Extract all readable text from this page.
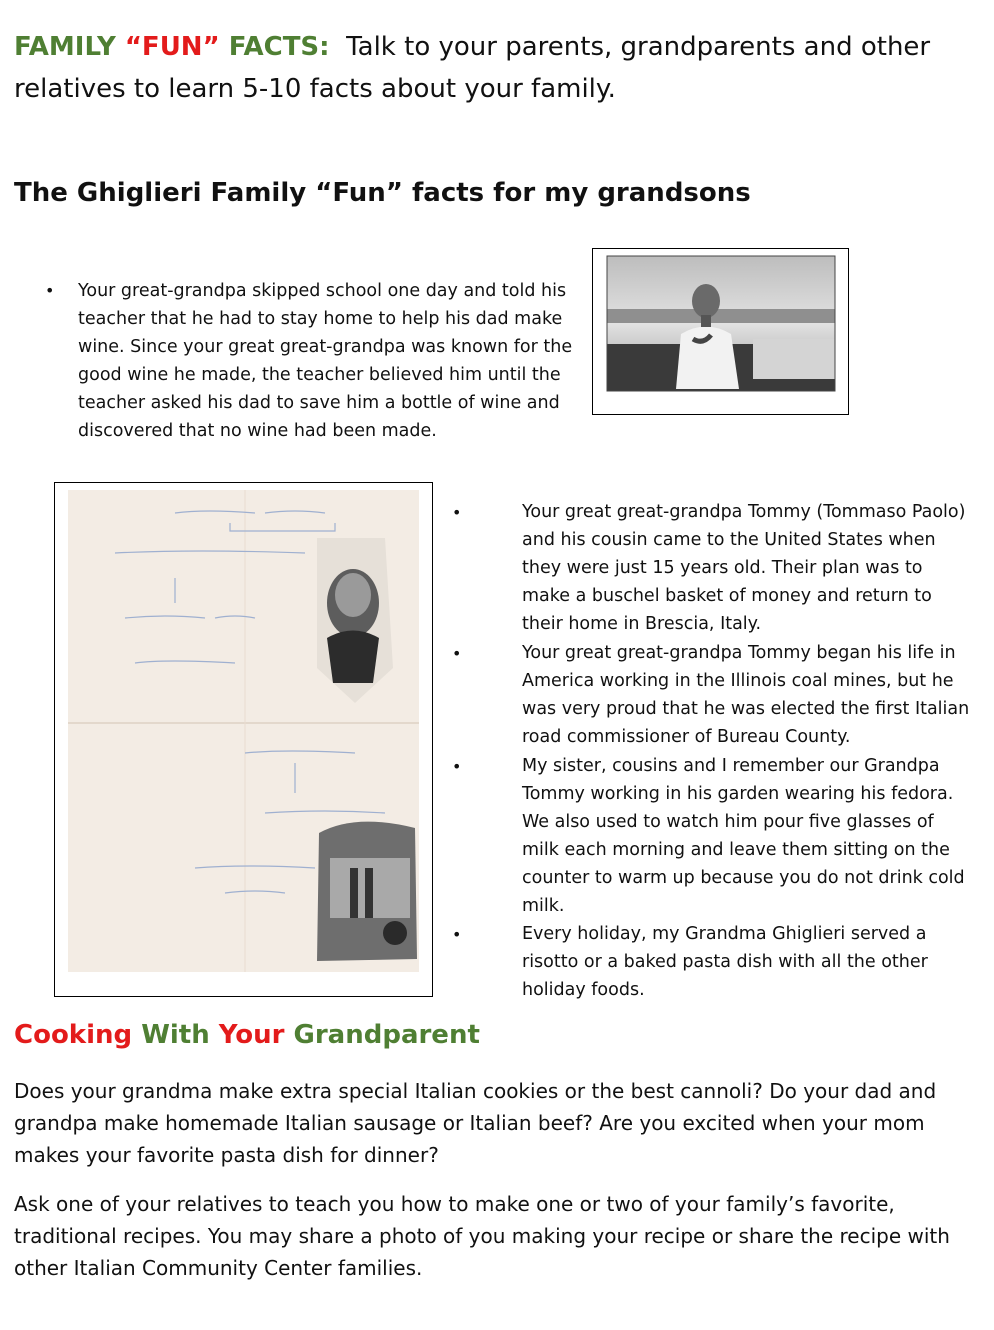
FAMILY “FUN” FACTS:  Talk to your parents, grandparents and other relatives to learn 5-10 facts about your family.
The Ghiglieri Family “Fun” facts for my grandsons
• Your great-grandpa skipped school one day and told his teacher that he had to stay home to help his dad make wine. Since your great great-grandpa was known for the good wine he made, the teacher believed him until the teacher asked his dad to save him a bottle of wine and discovered that no wine had been made.
•	Your great great-grandpa Tommy (Tommaso Paolo) and his cousin came to the United States when they were just 15 years old. Their plan was to make a buschel basket of money and return to their home in Brescia, Italy.
•	Your great great-grandpa Tommy began his life in America working in the Illinois coal mines, but he was very proud that he was elected the first Italian road commissioner of Bureau County.
•	My sister, cousins and I remember our Grandpa Tommy working in his garden wearing his fedora. We also used to watch him pour five glasses of milk each morning and leave them sitting on the counter to warm up because you do not drink cold milk.
•	Every holiday, my Grandma Ghiglieri served a risotto or a baked pasta dish with all the other holiday foods.
Cooking With Your Grandparent
Does your grandma make extra special Italian cookies or the best cannoli? Do your dad and grandpa make homemade Italian sausage or Italian beef? Are you excited when your mom makes your favorite pasta dish for dinner?
Ask one of your relatives to teach you how to make one or two of your family’s favorite, traditional recipes. You may share a photo of you making your recipe or share the recipe with other Italian Community Center families.
